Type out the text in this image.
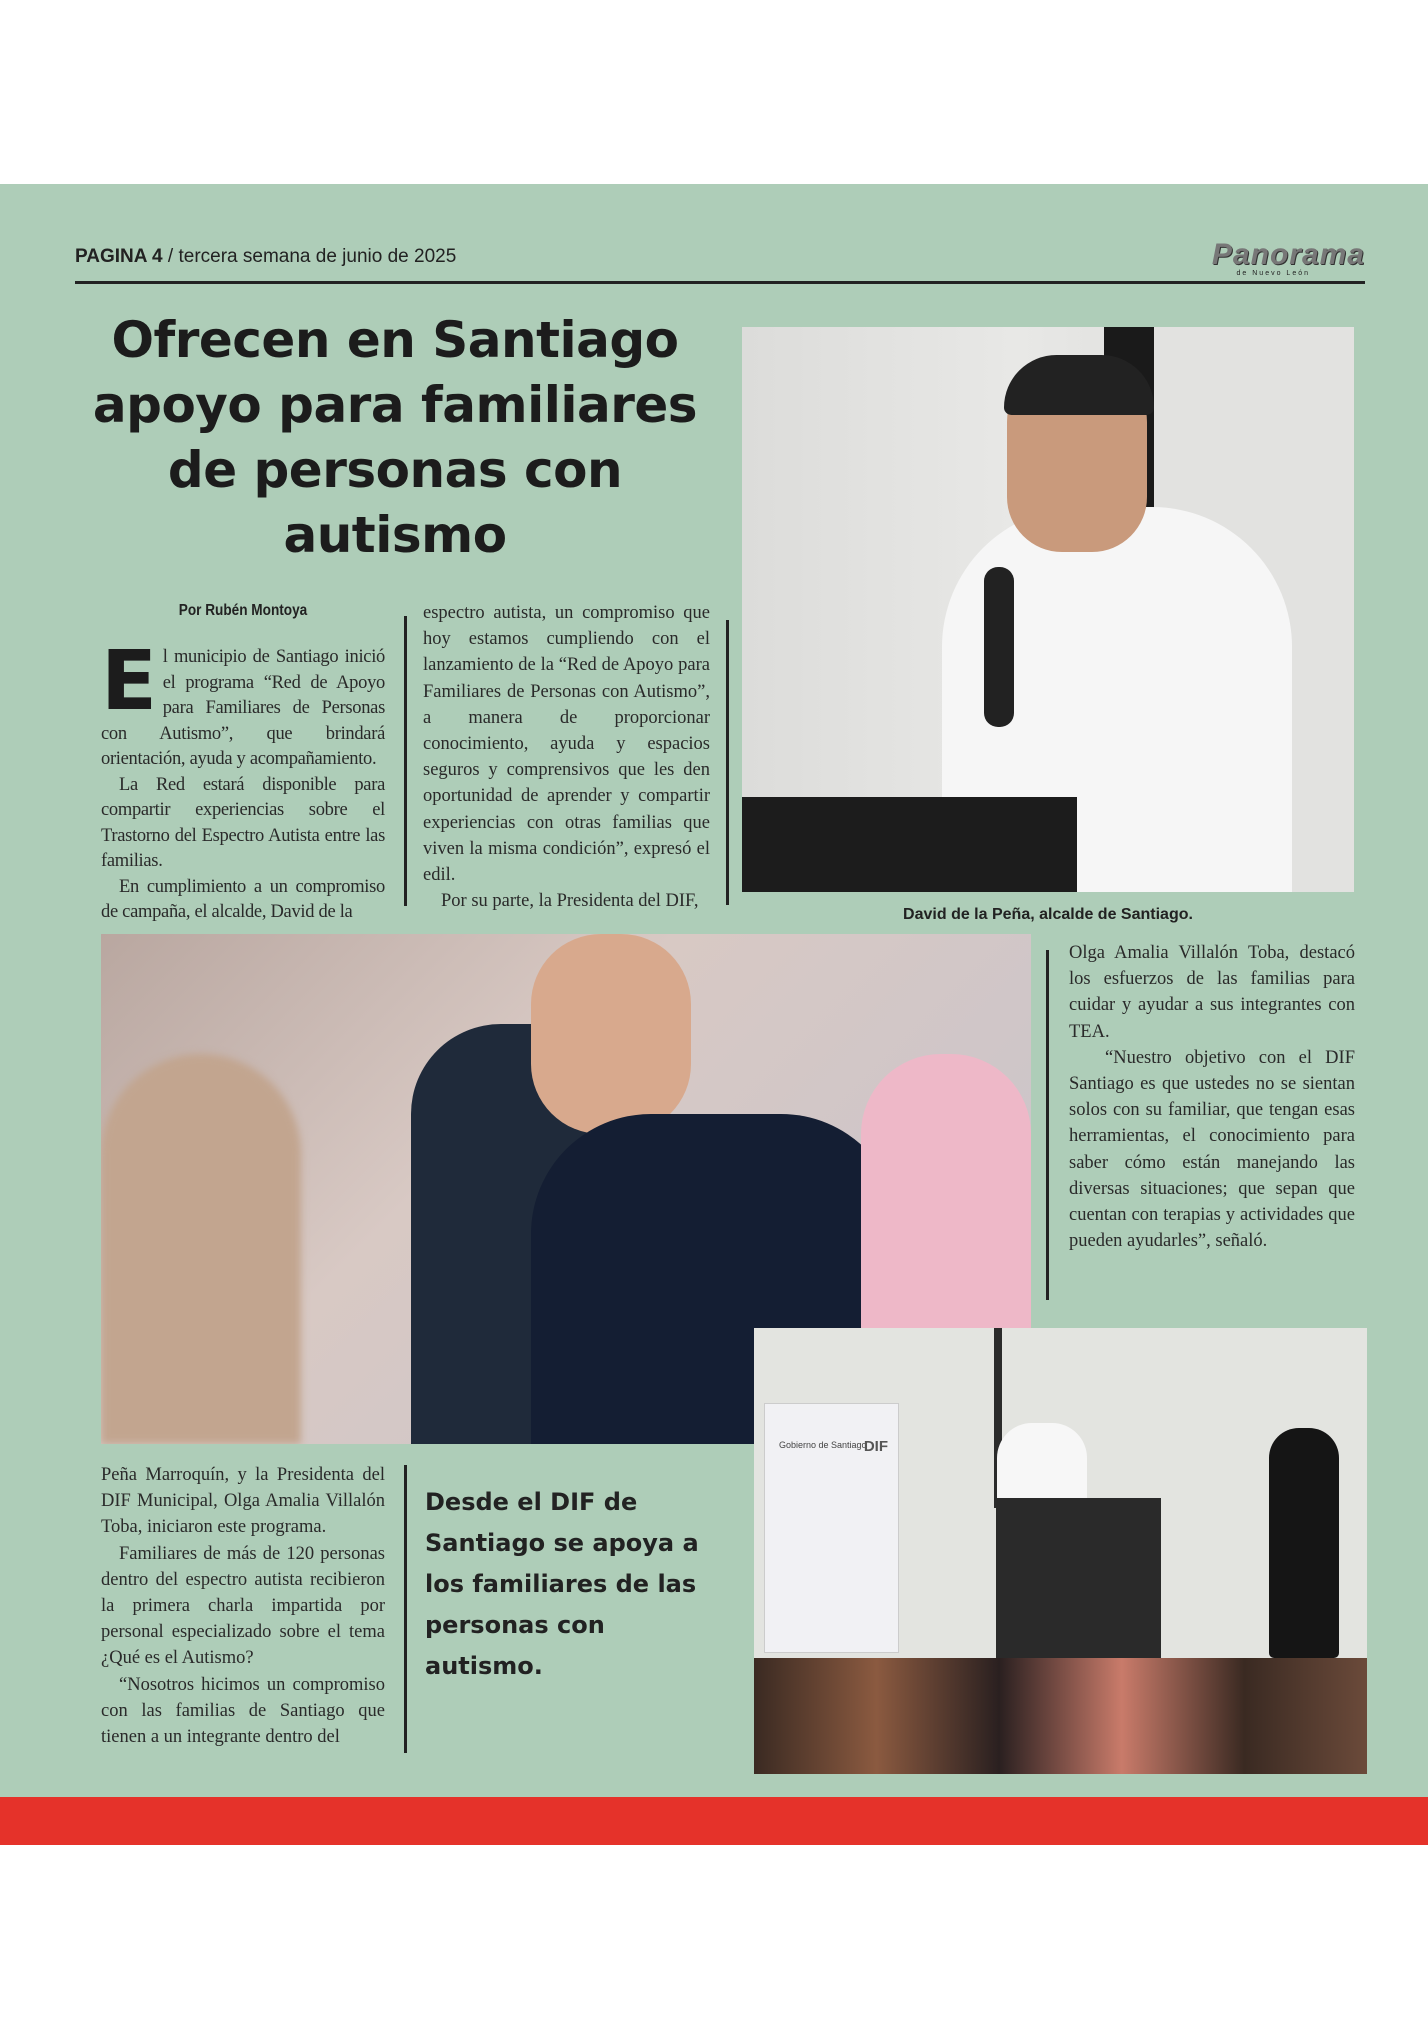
PAGINA 4 / tercera semana de junio de 2025	Panorama
de Nuevo León
Ofrecen en Santiago apoyo para familiares de personas con autismo
Por Rubén Montoya

El municipio de Santiago inició el programa “Red de Apoyo para Familiares de Personas con Autismo”, que brindará orientación, ayuda y acompañamiento.

La Red estará disponible para compartir experiencias sobre el Trastorno del Espectro Autista entre las familias.

En cumplimiento a un compromiso de campaña, el alcalde, David de la

espectro autista, un compromiso que hoy estamos cumpliendo con el lanzamiento de la “Red de Apoyo para Familiares de Personas con Autismo”, a manera de proporcionar conocimiento, ayuda y espacios seguros y comprensivos que les den oportunidad de aprender y compartir experiencias con otras familias que viven la misma condición”, expresó el edil.

Por su parte, la Presidenta del DIF,

David de la Peña, alcalde de Santiago.

Olga Amalia Villalón Toba, destacó los esfuerzos de las familias para cuidar y ayudar a sus integrantes con TEA.

“Nuestro objetivo con el DIF Santiago es que ustedes no se sientan solos con su familiar, que tengan esas herramientas, el conocimiento para saber cómo están manejando las diversas situaciones; que sepan que cuentan con terapias y actividades que pueden ayudarles”, señaló.

Gobierno de Santiago
DIF

Peña Marroquín, y la Presidenta del DIF Municipal, Olga Amalia Villalón Toba, iniciaron este programa.

Familiares de más de 120 personas dentro del espectro autista recibieron la primera charla impartida por personal especializado sobre el tema ¿Qué es el Autismo?

“Nosotros hicimos un compromiso con las familias de Santiago que tienen a un integrante dentro del

Desde el DIF de Santiago se apoya a los familiares de las personas con autismo.
